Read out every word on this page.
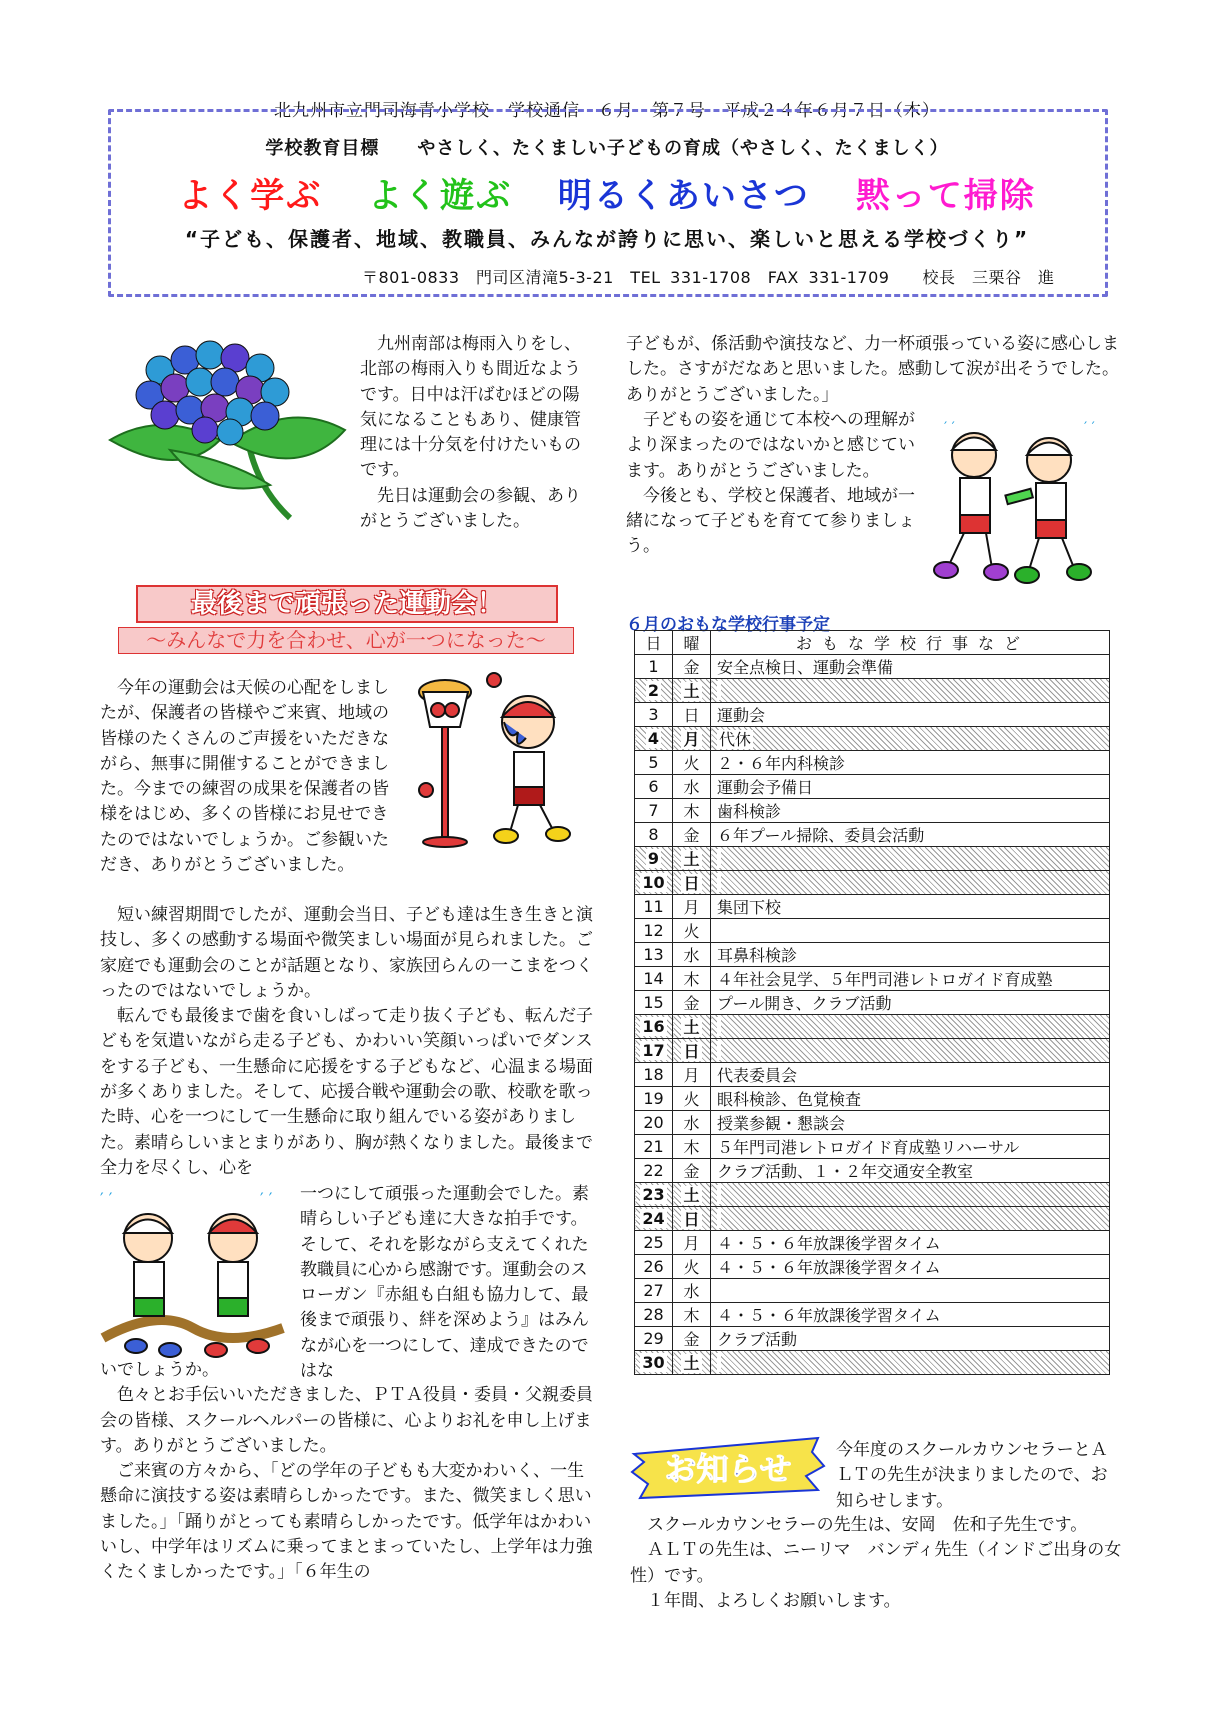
北九州市立門司海青小学校　学校通信　６月　第７号　平成２４年６月７日（木）
学校教育目標　　やさしく、たくましい子どもの育成（やさしく、たくましく）
よく学ぶ よく遊ぶ 明るくあいさつ 黙って掃除
“子ども、保護者、地域、教職員、みんなが誇りに思い、楽しいと思える学校づくり”
〒801-0833　門司区清滝5-3-21　TEL 331-1708　FAX 331-1709　　校長　三栗谷　進
　九州南部は梅雨入りをし、北部の梅雨入りも間近なようです。日中は汗ばむほどの陽気になることもあり、健康管理には十分気を付けたいものです。
　先日は運動会の参観、ありがとうございました。
子どもが、係活動や演技など、力一杯頑張っている姿に感心しました。さすがだなあと思いました。感動して涙が出そうでした。ありがとうございました。」
　子どもの姿を通じて本校への理解がより深まったのではないかと感じています。ありがとうございました。
　今後とも、学校と保護者、地域が一緒になって子どもを育てて参りましょう。
′ ′	′ ′
最後まで頑張った運動会！
～みんなで力を合わせ、心が一つになった～
　今年の運動会は天候の心配をしましたが、保護者の皆様やご来賓、地域の皆様のたくさんのご声援をいただきながら、無事に開催することができました。今までの練習の成果を保護者の皆様をはじめ、多くの皆様にお見せできたのではないでしょうか。ご参観いただき、ありがとうございました。
　短い練習期間でしたが、運動会当日、子ども達は生き生きと演技し、多くの感動する場面や微笑ましい場面が見られました。ご家庭でも運動会のことが話題となり、家族団らんの一こまをつくったのではないでしょうか。
　転んでも最後まで歯を食いしばって走り抜く子ども、転んだ子どもを気遣いながら走る子ども、かわいい笑顔いっぱいでダンスをする子ども、一生懸命に応援をする子どもなど、心温まる場面が多くありました。そして、応援合戦や運動会の歌、校歌を歌った時、心を一つにして一生懸命に取り組んでいる姿がありました。素晴らしいまとまりがあり、胸が熱くなりました。最後まで全力を尽くし、心を
′ ′	′ ′ 一つにして頑張った運動会でした。素晴らしい子ども達に大きな拍手です。そして、それを影ながら支えてくれた教職員に心から感謝です。運動会のスローガン『赤組も白組も協力して、最後まで頑張り、絆を深めよう』はみんなが心を一つにして、達成できたのではな
いでしょうか。
　色々とお手伝いいただきました、ＰＴＡ役員・委員・父親委員会の皆様、スクールヘルパーの皆様に、心よりお礼を申し上げます。ありがとうございました。
　ご来賓の方々から、「どの学年の子どもも大変かわいく、一生懸命に演技する姿は素晴らしかったです。また、微笑ましく思いました。」「踊りがとっても素晴らしかったです。低学年はかわいいし、中学年はリズムに乗ってまとまっていたし、上学年は力強くたくましかったです。」「６年生の
６月のおもな学校行事予定
日	曜	おもな学校行事など
1	金	安全点検日、運動会準備
2	土	
3	日	運動会
4	月	代休
5	火	２・６年内科検診
6	水	運動会予備日
7	木	歯科検診
8	金	６年プール掃除、委員会活動
9	土	
10	日	
11	月	集団下校
12	火	
13	水	耳鼻科検診
14	木	４年社会見学、５年門司港レトロガイド育成塾
15	金	プール開き、クラブ活動
16	土	
17	日	
18	月	代表委員会
19	火	眼科検診、色覚検査
20	水	授業参観・懇談会
21	木	５年門司港レトロガイド育成塾リハーサル
22	金	クラブ活動、１・２年交通安全教室
23	土	
24	日	
25	月	４・５・６年放課後学習タイム
26	火	４・５・６年放課後学習タイム
27	水	
28	木	４・５・６年放課後学習タイム
29	金	クラブ活動
30	土	
お知らせ	今年度のスクールカウンセラーとＡＬＴの先生が決まりましたので、お知らせします。
　スクールカウンセラーの先生は、安岡　佐和子先生です。
　ＡＬＴの先生は、ニーリマ　バンディ先生（インドご出身の女性）です。
　１年間、よろしくお願いします。
